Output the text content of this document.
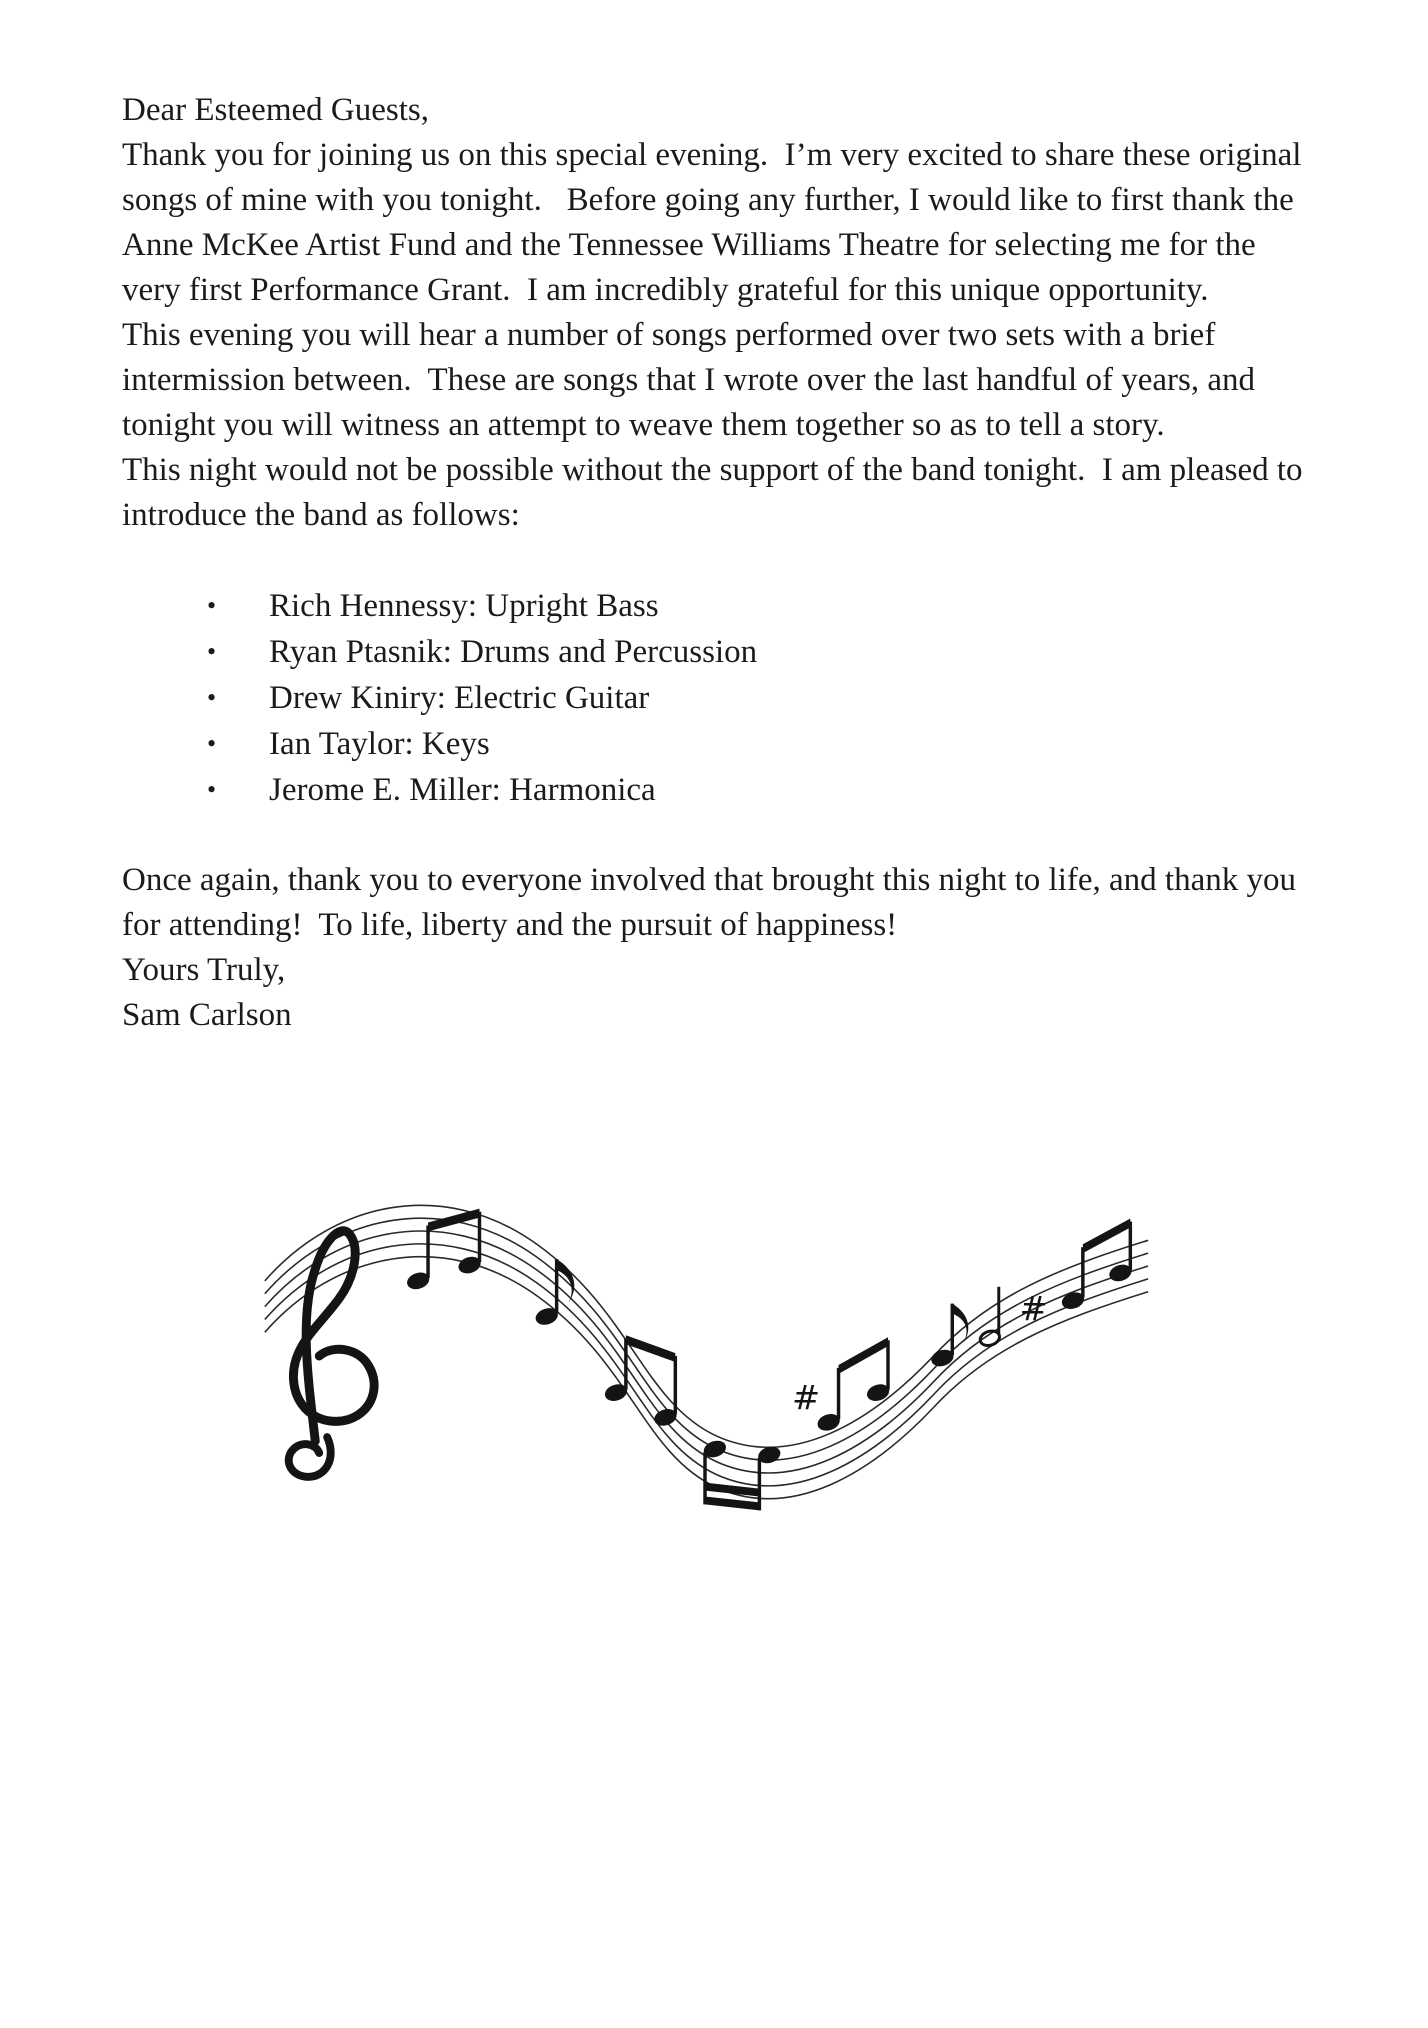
Dear Esteemed Guests,

Thank you for joining us on this special evening.  I’m very excited to share these original songs of mine with you tonight.   Before going any further, I would like to first thank the Anne McKee Artist Fund and the Tennessee Williams Theatre for selecting me for the very first Performance Grant.  I am incredibly grateful for this unique opportunity.

This evening you will hear a number of songs performed over two sets with a brief intermission between.  These are songs that I wrote over the last handful of years, and tonight you will witness an attempt to weave them together so as to tell a story.

This night would not be possible without the support of the band tonight.  I am pleased to introduce the band as follows:

• Rich Hennessy: Upright Bass
• Ryan Ptasnik: Drums and Percussion
• Drew Kiniry: Electric Guitar
• Ian Taylor: Keys
• Jerome E. Miller: Harmonica

Once again, thank you to everyone involved that brought this night to life, and thank you for attending!  To life, liberty and the pursuit of happiness!

Yours Truly,

Sam Carlson

#
#
